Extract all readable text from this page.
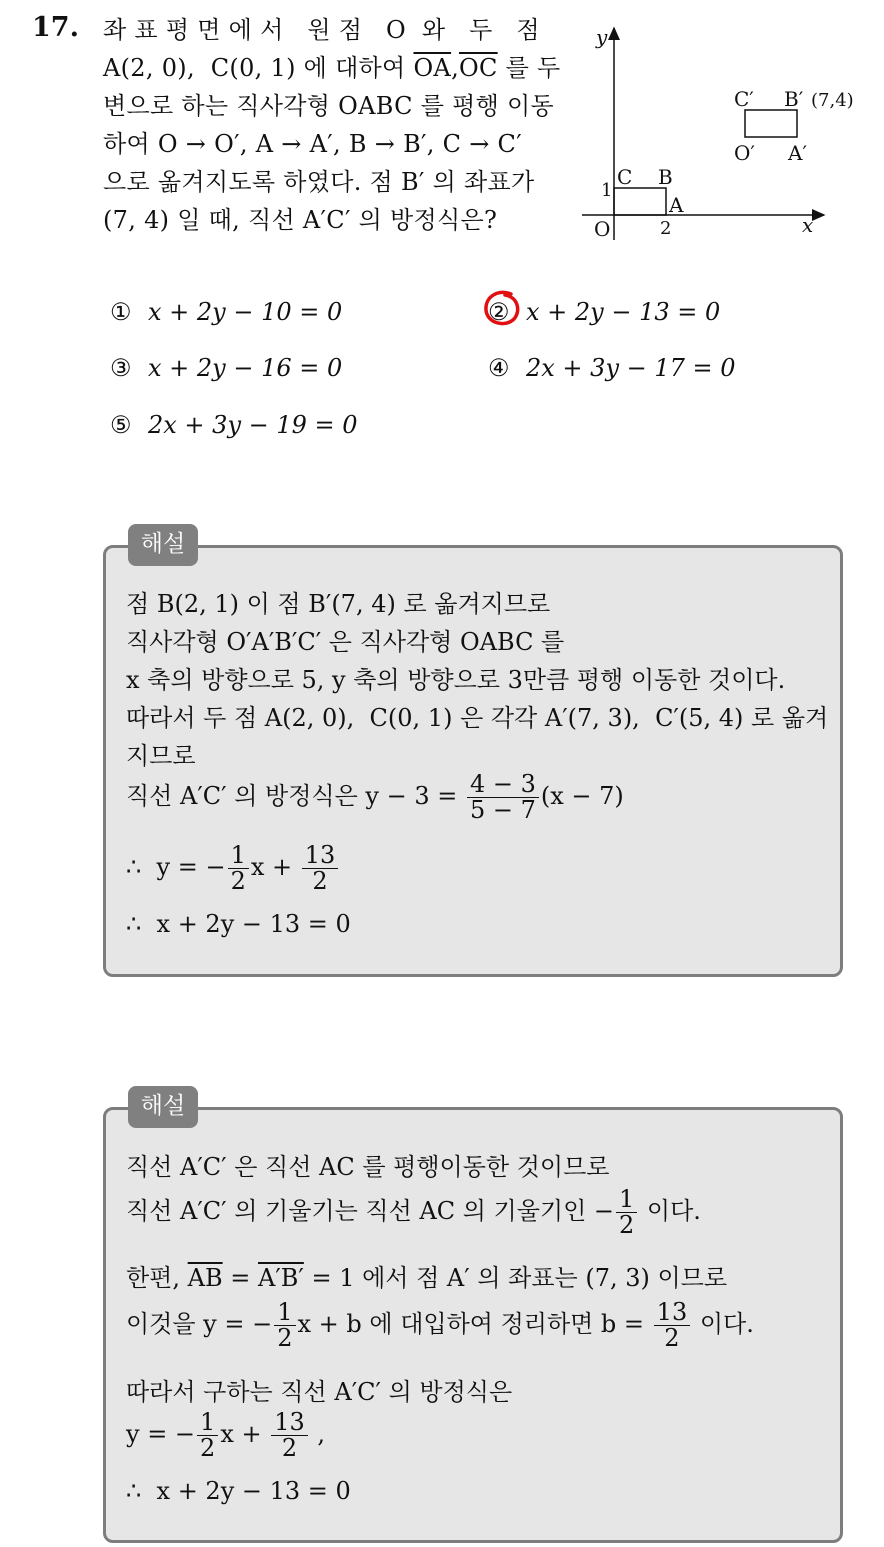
17. 좌 표 평 면 에 서   원 점   O  와   두   점
A(2, 0),  C(0, 1) 에 대하여 $\overline{OA},\overline{OC}$ 를 두
변으로 하는 직사각형 OABC 를 평행 이동
하여 O → O′, A → A′, B → B′, C → C′
으로 옮겨지도록 하였다. 점 B′ 의 좌표가
(7, 4) 일 때, 직선 A′C′ 의 방정식은?
y
x
O
1
2
C B
A
C′ B′ (7,4)
O′ A′
① x + 2y − 10 = 0	② x + 2y − 13 = 0
③ x + 2y − 16 = 0	④ 2x + 3y − 17 = 0
⑤ 2x + 3y − 19 = 0
해설
점 B(2, 1) 이 점 B′(7, 4) 로 옮겨지므로
직사각형 O′A′B′C′ 은 직사각형 OABC 를
x 축의 방향으로 5, y 축의 방향으로 3만큼 평행 이동한 것이다.
따라서 두 점 A(2, 0),  C(0, 1) 은 각각 A′(7, 3),  C′(5, 4) 로 옮겨
지므로
직선 A′C′ 의 방정식은 $y - 3 = \frac{4 - 3}{5 - 7} (x - 7)$
∴  y = − $\frac{1}{2}$ $x + \frac{13}{2}$
∴  x + 2y − 13 = 0
해설
직선 A′C′ 은 직선 AC 를 평행이동한 것이므로
직선 A′C′ 의 기울기는 직선 AC 의 기울기인 − $\frac{1}{2}$ 이다.
한편, $\overline{AB} = A'B' = 1$ 에서 점 A′ 의 좌표는 (7, 3) 이므로
이것을 y = − $\frac{1}{2}$ x + b 에 대입하여 정리하면 $b = \frac{13}{2}$ 이다.
따라서 구하는 직선 A′C′ 의 방정식은
y = − $\frac{1}{2}$ $x + \frac{13}{2}$ ,
∴  x + 2y − 13 = 0
